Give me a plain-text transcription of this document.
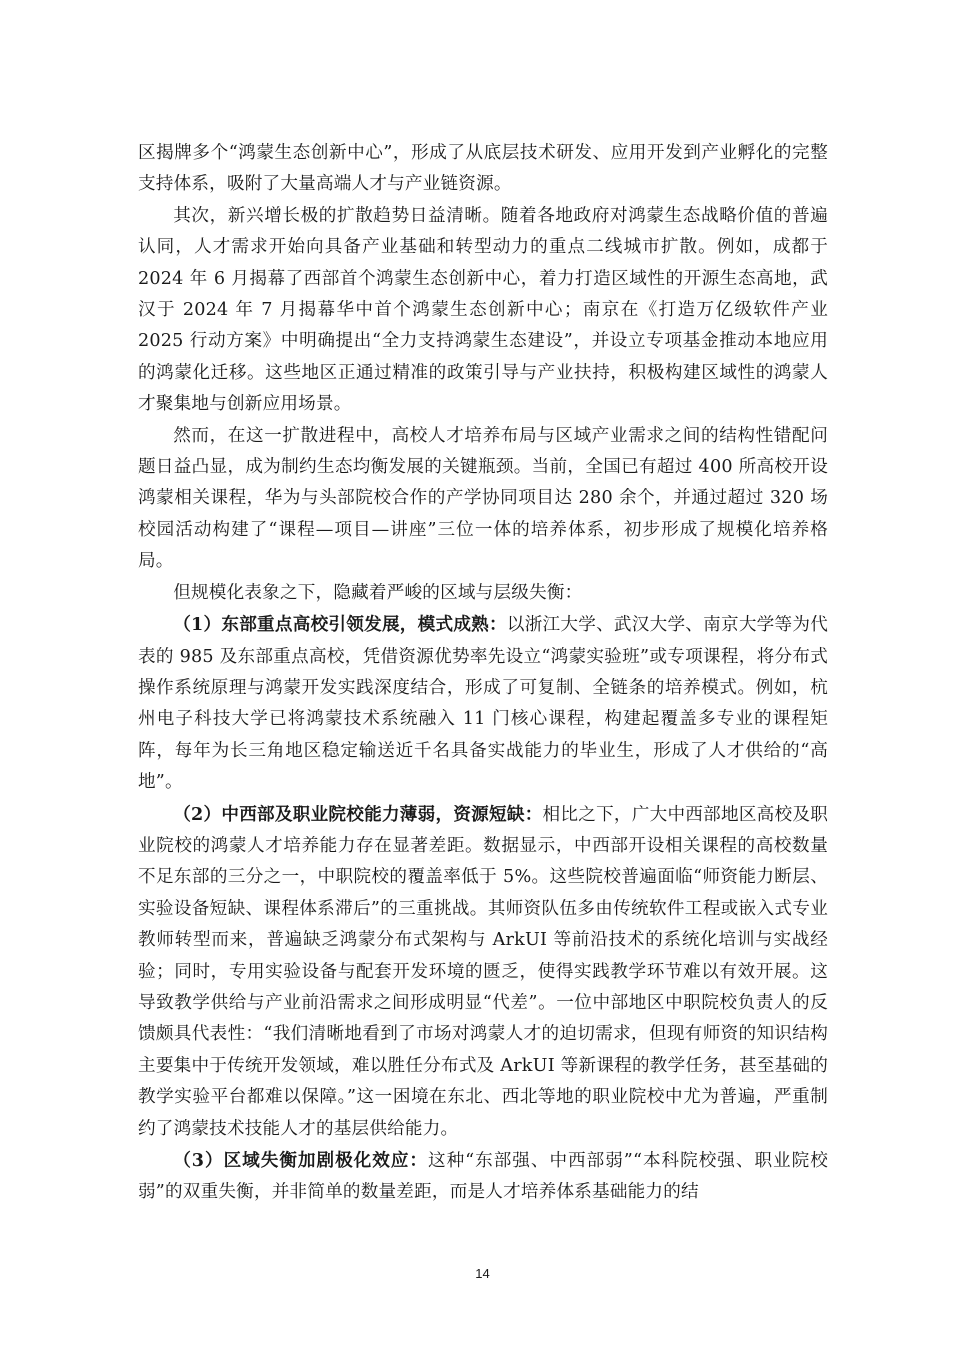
区揭牌多个“鸿蒙生态创新中心”，形成了从底层技术研发、应用开发到产业孵化的完整支持体系，吸附了大量高端人才与产业链资源。

其次，新兴增长极的扩散趋势日益清晰。随着各地政府对鸿蒙生态战略价值的普遍认同，人才需求开始向具备产业基础和转型动力的重点二线城市扩散。例如，成都于 2024 年 6 月揭幕了西部首个鸿蒙生态创新中心，着力打造区域性的开源生态高地，武汉于 2024 年 7 月揭幕华中首个鸿蒙生态创新中心；南京在《打造万亿级软件产业 2025 行动方案》中明确提出“全力支持鸿蒙生态建设”，并设立专项基金推动本地应用的鸿蒙化迁移。这些地区正通过精准的政策引导与产业扶持，积极构建区域性的鸿蒙人才聚集地与创新应用场景。

然而，在这一扩散进程中，高校人才培养布局与区域产业需求之间的结构性错配问题日益凸显，成为制约生态均衡发展的关键瓶颈。当前，全国已有超过 400 所高校开设鸿蒙相关课程，华为与头部院校合作的产学协同项目达 280 余个，并通过超过 320 场校园活动构建了“课程—项目—讲座”三位一体的培养体系，初步形成了规模化培养格局。

但规模化表象之下，隐藏着严峻的区域与层级失衡：

（1）东部重点高校引领发展，模式成熟：以浙江大学、武汉大学、南京大学等为代表的 985 及东部重点高校，凭借资源优势率先设立“鸿蒙实验班”或专项课程，将分布式操作系统原理与鸿蒙开发实践深度结合，形成了可复制、全链条的培养模式。例如，杭州电子科技大学已将鸿蒙技术系统融入 11 门核心课程，构建起覆盖多专业的课程矩阵，每年为长三角地区稳定输送近千名具备实战能力的毕业生，形成了人才供给的“高地”。

（2）中西部及职业院校能力薄弱，资源短缺：相比之下，广大中西部地区高校及职业院校的鸿蒙人才培养能力存在显著差距。数据显示，中西部开设相关课程的高校数量不足东部的三分之一，中职院校的覆盖率低于 5%。这些院校普遍面临“师资能力断层、实验设备短缺、课程体系滞后”的三重挑战。其师资队伍多由传统软件工程或嵌入式专业教师转型而来，普遍缺乏鸿蒙分布式架构与 ArkUI 等前沿技术的系统化培训与实战经验；同时，专用实验设备与配套开发环境的匮乏，使得实践教学环节难以有效开展。这导致教学供给与产业前沿需求之间形成明显“代差”。一位中部地区中职院校负责人的反馈颇具代表性：“我们清晰地看到了市场对鸿蒙人才的迫切需求，但现有师资的知识结构主要集中于传统开发领域，难以胜任分布式及 ArkUI 等新课程的教学任务，甚至基础的教学实验平台都难以保障。”这一困境在东北、西北等地的职业院校中尤为普遍，严重制约了鸿蒙技术技能人才的基层供给能力。

（3）区域失衡加剧极化效应：这种“东部强、中西部弱”“本科院校强、职业院校弱”的双重失衡，并非简单的数量差距，而是人才培养体系基础能力的结

14
